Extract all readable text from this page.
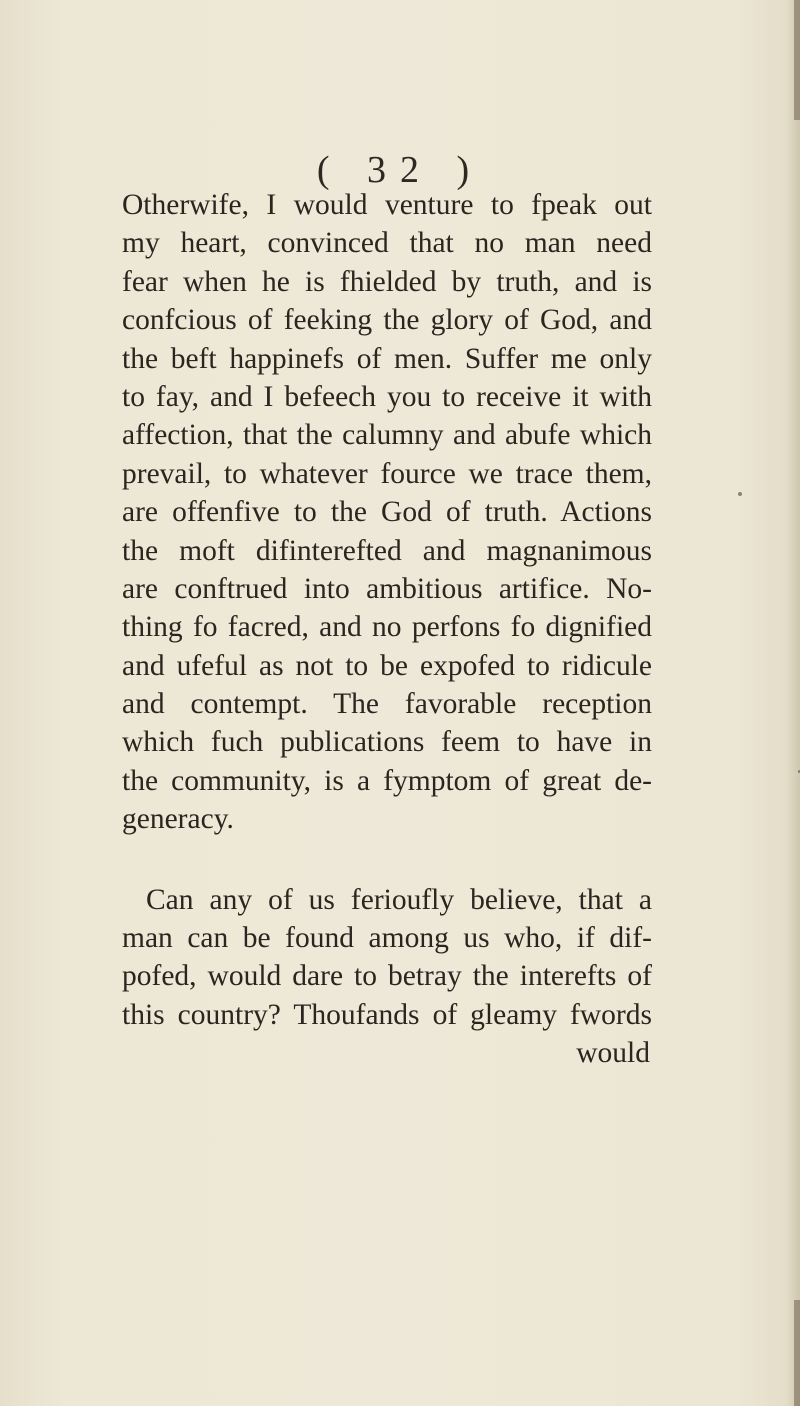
( 32 )
Otherwife, I would venture to fpeak out
my heart, convinced that no man need
fear when he is fhielded by truth, and is
confcious of feeking the glory of God, and
the beft happinefs of men. Suffer me only
to fay, and I befeech you to receive it with
affection, that the calumny and abufe which
prevail, to whatever fource we trace them,
are offenfive to the God of truth. Actions
the moft difinterefted and magnanimous
are conftrued into ambitious artifice. No-
thing fo facred, and no perfons fo dignified
and ufeful as not to be expofed to ridicule
and contempt. The favorable reception
which fuch publications feem to have in
the community, is a fymptom of great de-
generacy.
Can any of us ferioufly believe, that a
man can be found among us who, if dif-
pofed, would dare to betray the interefts of
this country? Thoufands of gleamy fwords
would
